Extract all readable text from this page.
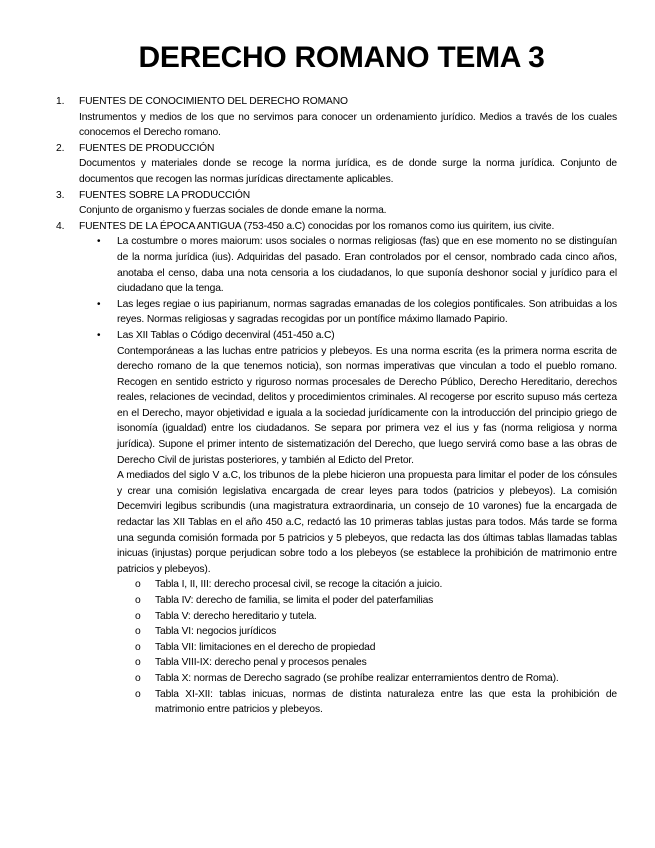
DERECHO ROMANO TEMA 3
1. FUENTES DE CONOCIMIENTO DEL DERECHO ROMANO

Instrumentos y medios de los que no servimos para conocer un ordenamiento jurídico. Medios a través de los cuales conocemos el Derecho romano.

2. FUENTES DE PRODUCCIÓN

Documentos y materiales donde se recoge la norma jurídica, es de donde surge la norma jurídica. Conjunto de documentos que recogen las normas jurídicas directamente aplicables.

3. FUENTES SOBRE LA PRODUCCIÓN

Conjunto de organismo y fuerzas sociales de donde emane la norma.

4. FUENTES DE LA ÉPOCA ANTIGUA (753-450 a.C) conocidas por los romanos como ius quiritem, ius civite.

• La costumbre o mores maiorum: usos sociales o normas religiosas (fas) que en ese momento no se distinguían de la norma jurídica (ius). Adquiridas del pasado. Eran controlados por el censor, nombrado cada cinco años, anotaba el censo, daba una nota censoria a los ciudadanos, lo que suponía deshonor social y jurídico para el ciudadano que la tenga.
• Las leges regiae o ius papirianum, normas sagradas emanadas de los colegios pontificales. Son atribuidas a los reyes. Normas religiosas y sagradas recogidas por un pontífice máximo llamado Papirio.
• Las XII Tablas o Código decenviral (451-450 a.C)

Contemporáneas a las luchas entre patricios y plebeyos. Es una norma escrita (es la primera norma escrita de derecho romano de la que tenemos noticia), son normas imperativas que vinculan a todo el pueblo romano. Recogen en sentido estricto y riguroso normas procesales de Derecho Público, Derecho Hereditario, derechos reales, relaciones de vecindad, delitos y procedimientos criminales. Al recogerse por escrito supuso más certeza en el Derecho, mayor objetividad e iguala a la sociedad jurídicamente con la introducción del principio griego de isonomía (igualdad) entre los ciudadanos. Se separa por primera vez el ius y fas (norma religiosa y norma jurídica). Supone el primer intento de sistematización del Derecho, que luego servirá como base a las obras de Derecho Civil de juristas posteriores, y también al Edicto del Pretor.

A mediados del siglo V a.C, los tribunos de la plebe hicieron una propuesta para limitar el poder de los cónsules y crear una comisión legislativa encargada de crear leyes para todos (patricios y plebeyos). La comisión Decemviri legibus scribundis (una magistratura extraordinaria, un consejo de 10 varones) fue la encargada de redactar las XII Tablas en el año 450 a.C, redactó las 10 primeras tablas justas para todos. Más tarde se forma una segunda comisión formada por 5 patricios y 5 plebeyos, que redacta las dos últimas tablas llamadas tablas inicuas (injustas) porque perjudican sobre todo a los plebeyos (se establece la prohibición de matrimonio entre patricios y plebeyos).

o Tabla I, II, III: derecho procesal civil, se recoge la citación a juicio.
o Tabla IV: derecho de familia, se limita el poder del paterfamilias
o Tabla V: derecho hereditario y tutela.
o Tabla VI: negocios jurídicos
o Tabla VII: limitaciones en el derecho de propiedad
o Tabla VIII-IX: derecho penal y procesos penales
o Tabla X: normas de Derecho sagrado (se prohíbe realizar enterramientos dentro de Roma).
o Tabla XI-XII: tablas inicuas, normas de distinta naturaleza entre las que esta la prohibición de matrimonio entre patricios y plebeyos.
